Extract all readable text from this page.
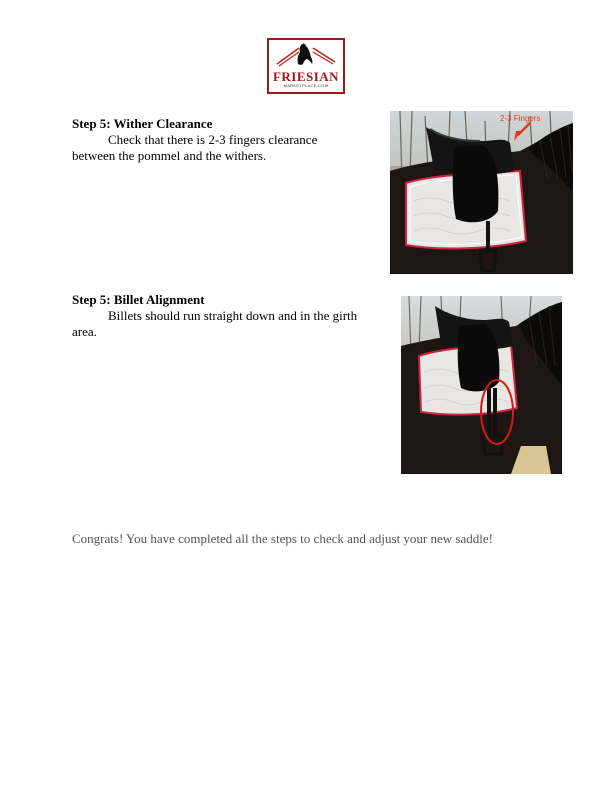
FRIESIAN
MARKETPLACE.COM
Step 5: Wither Clearance
Check that there is 2-3 fingers clearance between the pommel and the withers.
2-3 Fingers
Step 5: Billet Alignment
Billets should run straight down and in the girth area.
Congrats! You have completed all the steps to check and adjust your new saddle!
